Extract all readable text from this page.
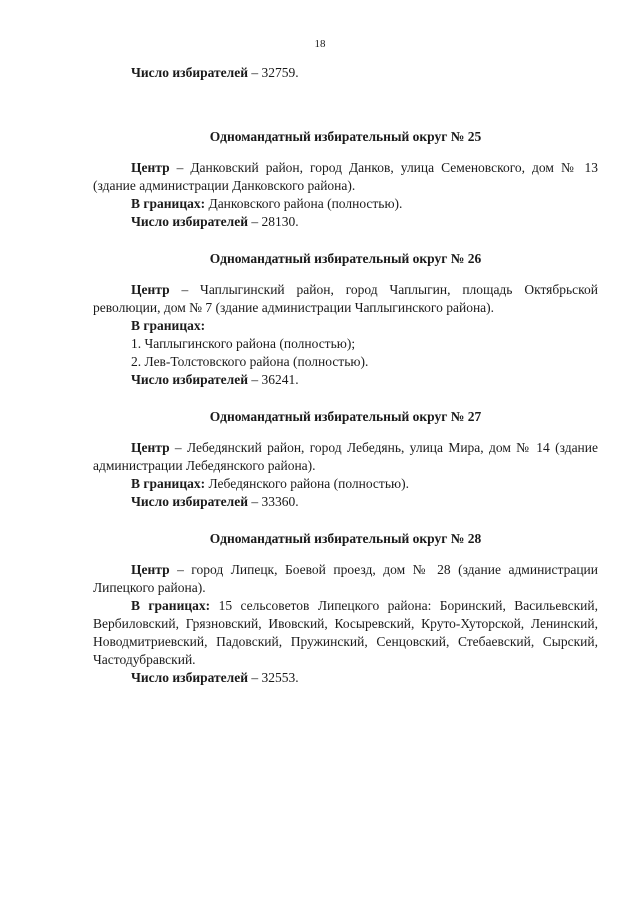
18

Число избирателей – 32759.

Одномандатный избирательный округ № 25

Центр – Данковский район, город Данков, улица Семеновского, дом № 13 (здание администрации Данковского района).

В границах: Данковского района (полностью).

Число избирателей – 28130.

Одномандатный избирательный округ № 26

Центр – Чаплыгинский район, город Чаплыгин, площадь Октябрьской революции, дом № 7 (здание администрации Чаплыгинского района).

В границах:

1. Чаплыгинского района (полностью);

2. Лев-Толстовского района (полностью).

Число избирателей – 36241.

Одномандатный избирательный округ № 27

Центр – Лебедянский район, город Лебедянь, улица Мира, дом № 14 (здание администрации Лебедянского района).

В границах: Лебедянского района (полностью).

Число избирателей – 33360.

Одномандатный избирательный округ № 28

Центр – город Липецк, Боевой проезд, дом № 28 (здание администрации Липецкого района).

В границах: 15 сельсоветов Липецкого района: Боринский, Васильевский, Вербиловский, Грязновский, Ивовский, Косыревский, Круто-Хуторской, Ленинский, Новодмитриевский, Падовский, Пружинский, Сенцовский, Стебаевский, Сырский, Частодубравский.

Число избирателей – 32553.
